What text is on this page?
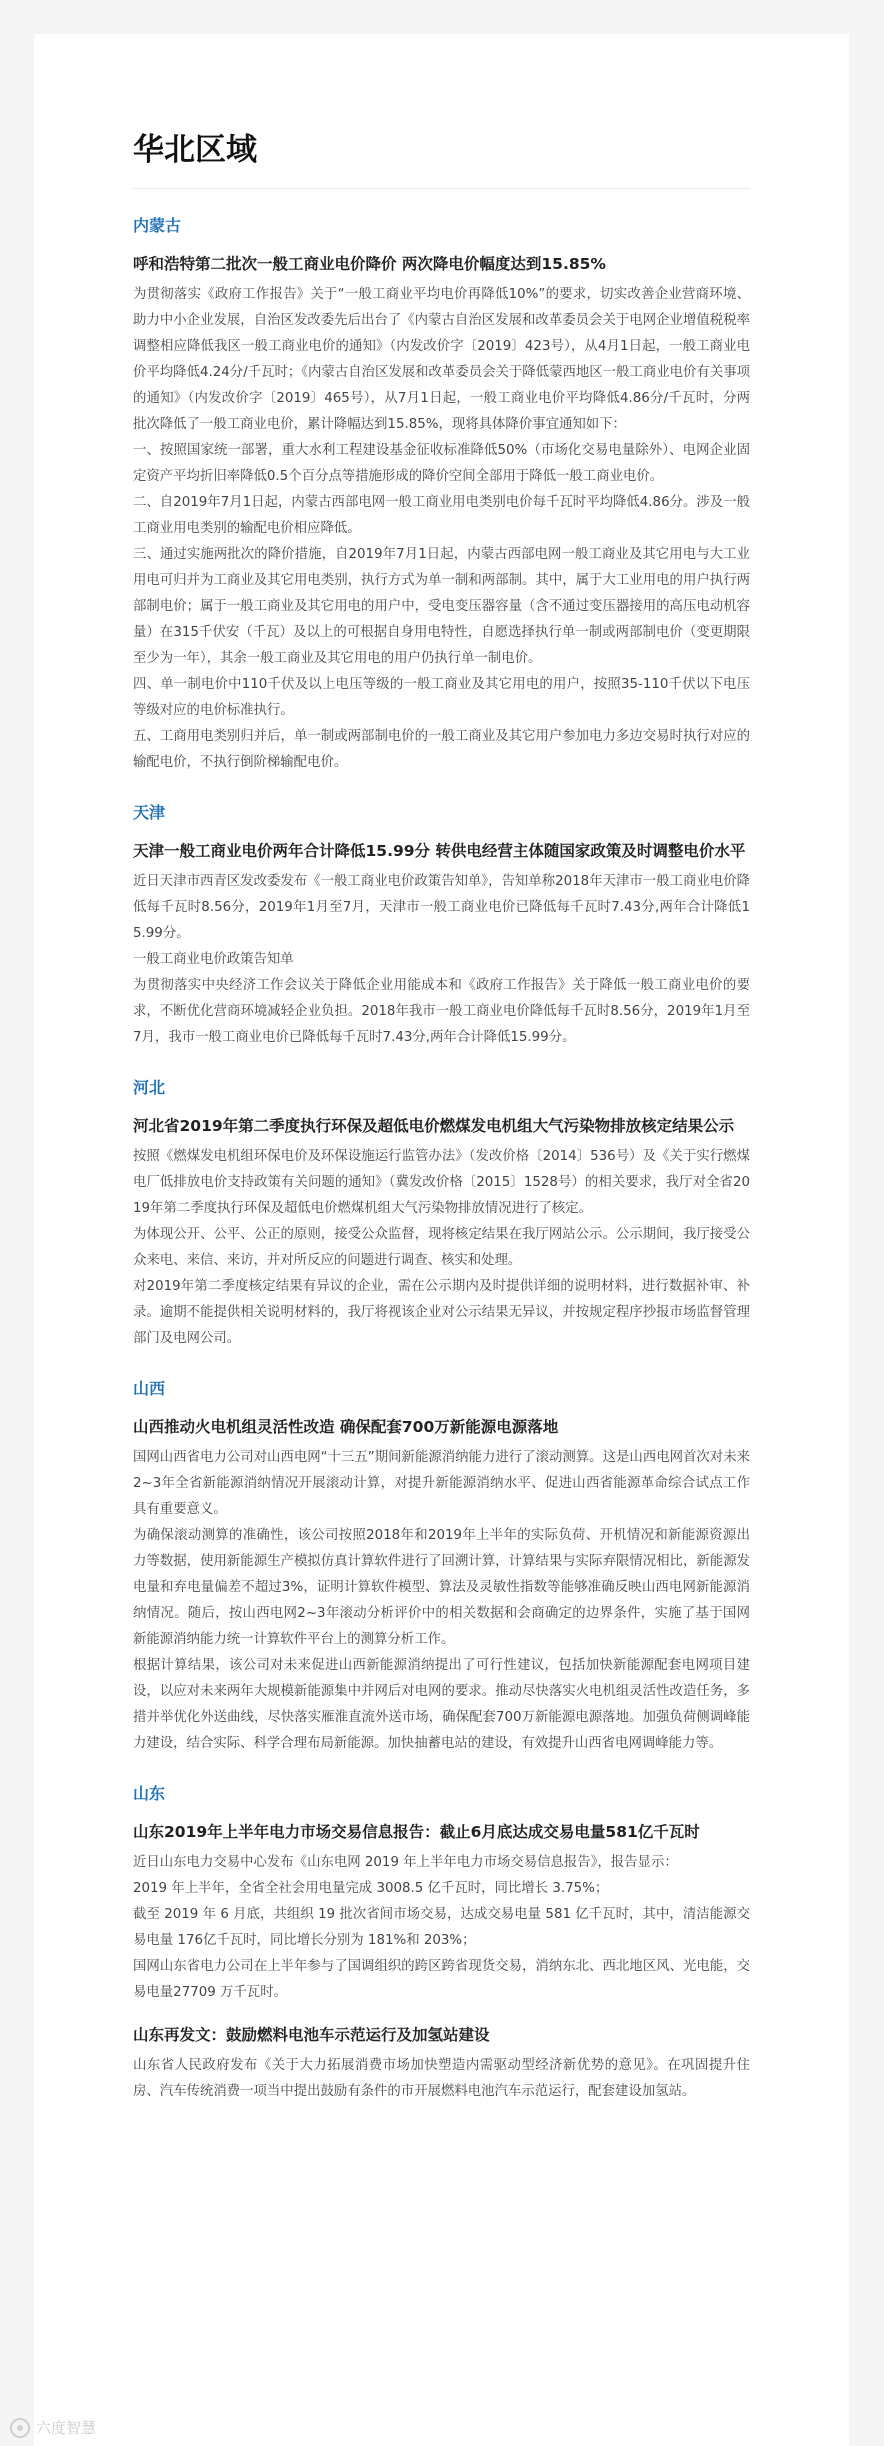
华北区域
内蒙古
呼和浩特第二批次一般工商业电价降价 两次降电价幅度达到15.85%

为贯彻落实《政府工作报告》关于“一般工商业平均电价再降低10%”的要求，切实改善企业营商环境、助力中小企业发展，自治区发改委先后出台了《内蒙古自治区发展和改革委员会关于电网企业增值税税率调整相应降低我区一般工商业电价的通知》（内发改价字〔2019〕423号），从4月1日起，一般工商业电价平均降低4.24分/千瓦时；《内蒙古自治区发展和改革委员会关于降低蒙西地区一般工商业电价有关事项的通知》（内发改价字〔2019〕465号），从7月1日起，一般工商业电价平均降低4.86分/千瓦时，分两批次降低了一般工商业电价，累计降幅达到15.85%，现将具体降价事宜通知如下：

一、按照国家统一部署，重大水利工程建设基金征收标准降低50%（市场化交易电量除外）、电网企业固定资产平均折旧率降低0.5个百分点等措施形成的降价空间全部用于降低一般工商业电价。

二、自2019年7月1日起，内蒙古西部电网一般工商业用电类别电价每千瓦时平均降低4.86分。涉及一般工商业用电类别的输配电价相应降低。

三、通过实施两批次的降价措施，自2019年7月1日起，内蒙古西部电网一般工商业及其它用电与大工业用电可归并为工商业及其它用电类别，执行方式为单一制和两部制。其中，属于大工业用电的用户执行两部制电价；属于一般工商业及其它用电的用户中，受电变压器容量（含不通过变压器接用的高压电动机容量）在315千伏安（千瓦）及以上的可根据自身用电特性，自愿选择执行单一制或两部制电价（变更期限至少为一年），其余一般工商业及其它用电的用户仍执行单一制电价。

四、单一制电价中110千伏及以上电压等级的一般工商业及其它用电的用户，按照35-110千伏以下电压等级对应的电价标准执行。

五、工商用电类别归并后，单一制或两部制电价的一般工商业及其它用户参加电力多边交易时执行对应的输配电价，不执行倒阶梯输配电价。

天津
天津一般工商业电价两年合计降低15.99分 转供电经营主体随国家政策及时调整电价水平

近日天津市西青区发改委发布《一般工商业电价政策告知单》，告知单称2018年天津市一般工商业电价降低每千瓦时8.56分，2019年1月至7月，天津市一般工商业电价已降低每千瓦时7.43分,两年合计降低15.99分。

一般工商业电价政策告知单

为贯彻落实中央经济工作会议关于降低企业用能成本和《政府工作报告》关于降低一般工商业电价的要求，不断优化营商环境减轻企业负担。2018年我市一般工商业电价降低每千瓦时8.56分，2019年1月至7月，我市一般工商业电价已降低每千瓦时7.43分,两年合计降低15.99分。

河北
河北省2019年第二季度执行环保及超低电价燃煤发电机组大气污染物排放核定结果公示

按照《燃煤发电机组环保电价及环保设施运行监管办法》（发改价格〔2014〕536号）及《关于实行燃煤电厂低排放电价支持政策有关问题的通知》（冀发改价格〔2015〕1528号）的相关要求，我厅对全省2019年第二季度执行环保及超低电价燃煤机组大气污染物排放情况进行了核定。

为体现公开、公平、公正的原则，接受公众监督，现将核定结果在我厅网站公示。公示期间，我厅接受公众来电、来信、来访，并对所反应的问题进行调查、核实和处理。

对2019年第二季度核定结果有异议的企业，需在公示期内及时提供详细的说明材料，进行数据补审、补录。逾期不能提供相关说明材料的，我厅将视该企业对公示结果无异议，并按规定程序抄报市场监督管理部门及电网公司。

山西
山西推动火电机组灵活性改造 确保配套700万新能源电源落地

国网山西省电力公司对山西电网“十三五”期间新能源消纳能力进行了滚动测算。这是山西电网首次对未来2~3年全省新能源消纳情况开展滚动计算，对提升新能源消纳水平、促进山西省能源革命综合试点工作具有重要意义。

为确保滚动测算的准确性，该公司按照2018年和2019年上半年的实际负荷、开机情况和新能源资源出力等数据，使用新能源生产模拟仿真计算软件进行了回溯计算，计算结果与实际弃限情况相比，新能源发电量和弃电量偏差不超过3%，证明计算软件模型、算法及灵敏性指数等能够准确反映山西电网新能源消纳情况。随后，按山西电网2~3年滚动分析评价中的相关数据和会商确定的边界条件，实施了基于国网新能源消纳能力统一计算软件平台上的测算分析工作。

根据计算结果，该公司对未来促进山西新能源消纳提出了可行性建议，包括加快新能源配套电网项目建设，以应对未来两年大规模新能源集中并网后对电网的要求。推动尽快落实火电机组灵活性改造任务，多措并举优化外送曲线，尽快落实雁淮直流外送市场，确保配套700万新能源电源落地。加强负荷侧调峰能力建设，结合实际、科学合理布局新能源。加快抽蓄电站的建设，有效提升山西省电网调峰能力等。

山东
山东2019年上半年电力市场交易信息报告：截止6月底达成交易电量581亿千瓦时

近日山东电力交易中心发布《山东电网 2019 年上半年电力市场交易信息报告》，报告显示：

2019 年上半年，全省全社会用电量完成 3008.5 亿千瓦时，同比增长 3.75%；

截至 2019 年 6 月底，共组织 19 批次省间市场交易，达成交易电量 581 亿千瓦时，其中，清洁能源交易电量 176亿千瓦时，同比增长分别为 181%和 203%；

国网山东省电力公司在上半年参与了国调组织的跨区跨省现货交易，消纳东北、西北地区风、光电能，交易电量27709 万千瓦时。

山东再发文：鼓励燃料电池车示范运行及加氢站建设

山东省人民政府发布《关于大力拓展消费市场加快塑造内需驱动型经济新优势的意见》。在巩固提升住房、汽车传统消费一项当中提出鼓励有条件的市开展燃料电池汽车示范运行，配套建设加氢站。

六度智慧
